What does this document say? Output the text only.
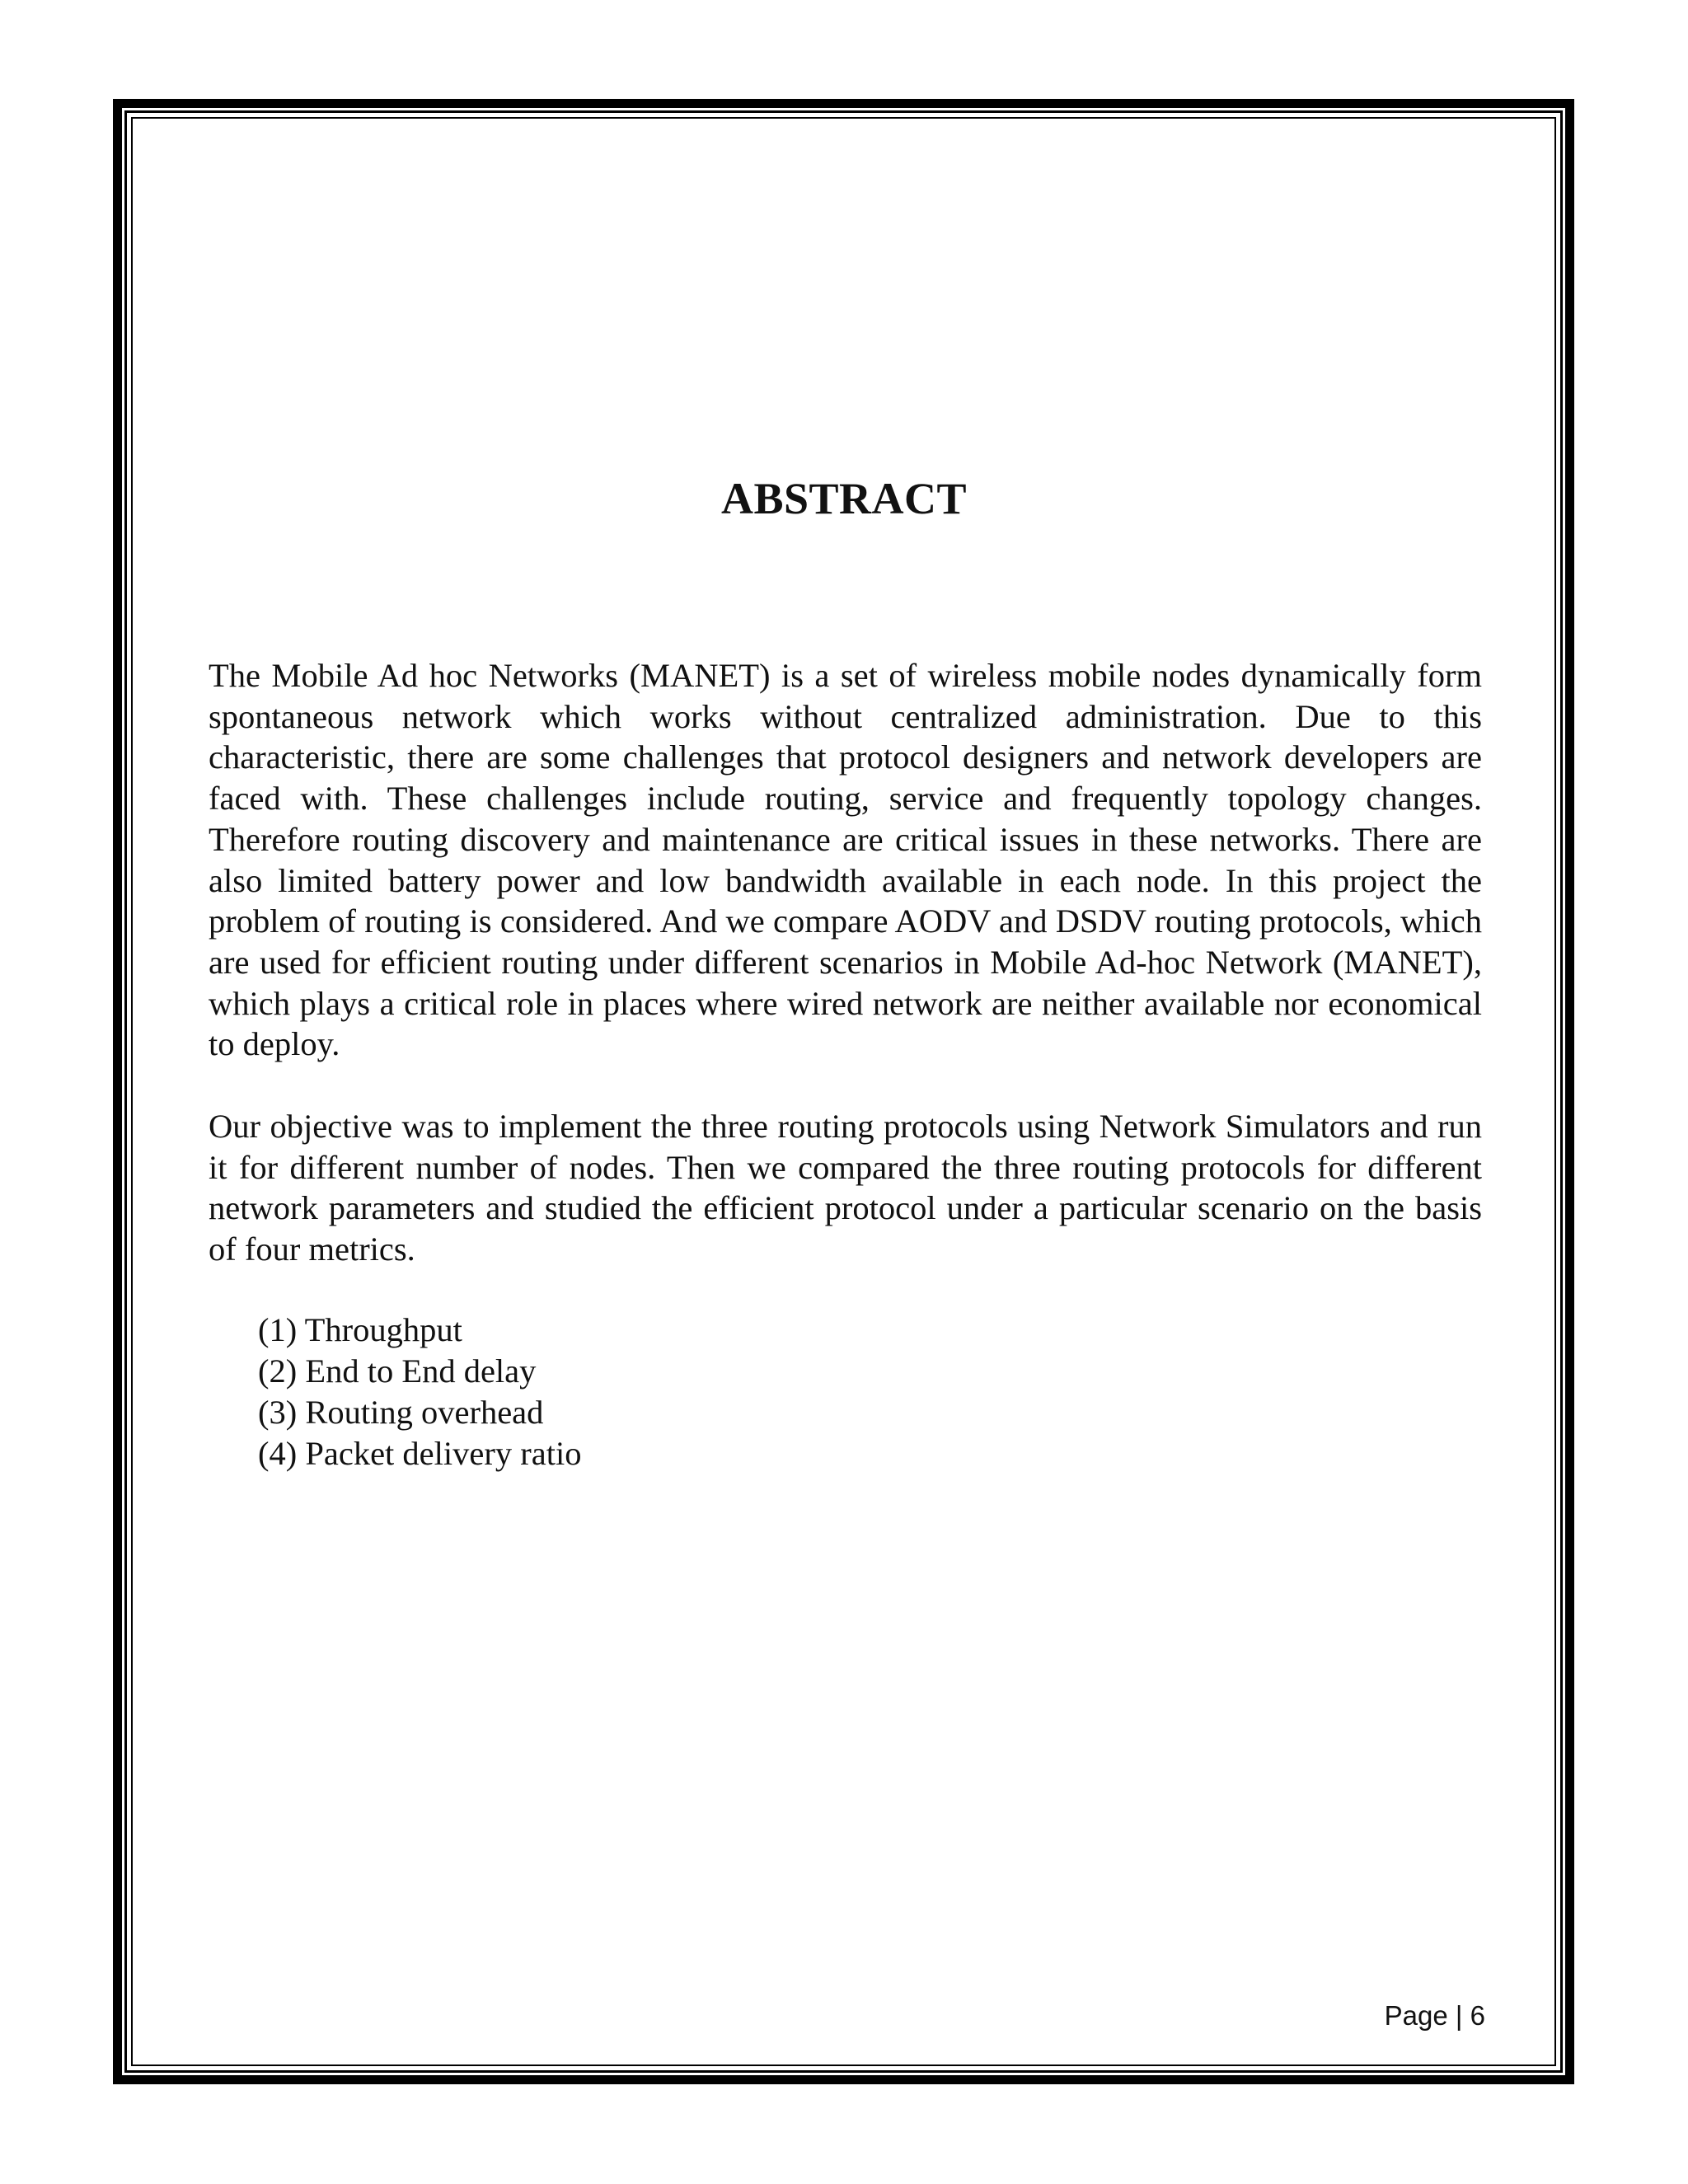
ABSTRACT

The Mobile Ad hoc Networks (MANET) is a set of wireless mobile nodes dynamically form spontaneous network which works without centralized administration. Due to this characteristic, there are some challenges that protocol designers and network developers are faced with. These challenges include routing, service and frequently topology changes. Therefore routing discovery and maintenance are critical issues in these networks. There are also limited battery power and low bandwidth available in each node. In this project the problem of routing is considered. And we compare AODV and DSDV routing protocols, which are used for efficient routing under different scenarios in Mobile Ad-hoc Network (MANET), which plays a critical role in places where wired network are neither available nor economical to deploy.

Our objective was to implement the three routing protocols using Network Simulators and run it for different number of nodes. Then we compared the three routing protocols for different network parameters and studied the efficient protocol under a particular scenario on the basis of four metrics.

(1) Throughput
(2) End to End delay
(3) Routing overhead
(4) Packet delivery ratio
Page | 6
